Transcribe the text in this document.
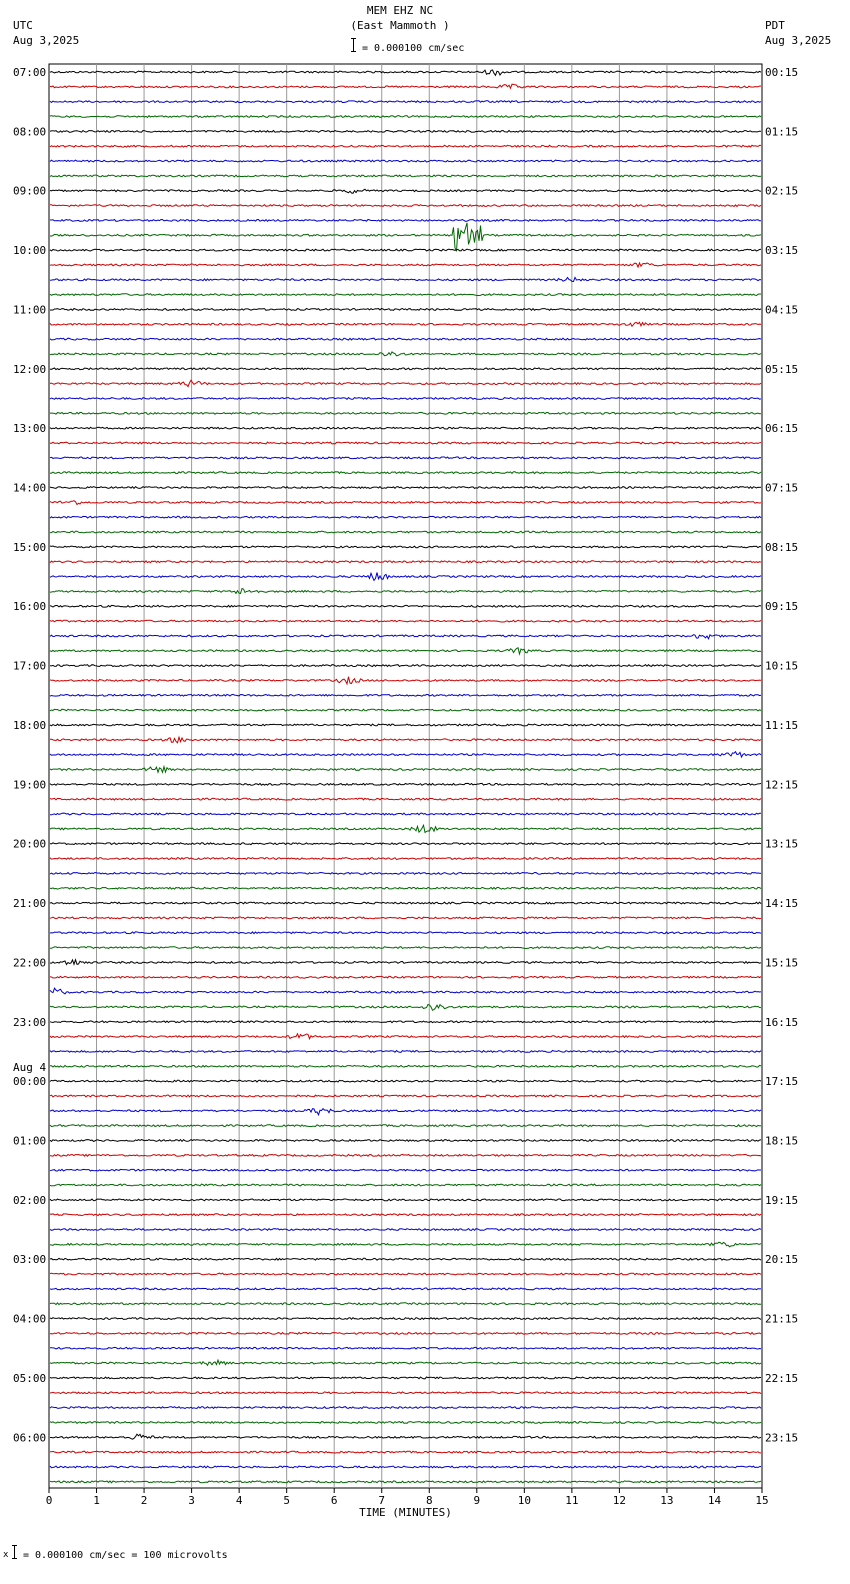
MEM EHZ NC
(East Mammoth )
UTC
Aug 3,2025
PDT
Aug 3,2025
= 0.000100 cm/sec
07:00
08:00
09:00
10:00
11:00
12:00
13:00
14:00
15:00
16:00
17:00
18:00
19:00
20:00
21:00
22:00
23:00
00:00
01:00
02:00
03:00
04:00
05:00
06:00
00:15
01:15
02:15
03:15
04:15
05:15
06:15
07:15
08:15
09:15
10:15
11:15
12:15
13:15
14:15
15:15
16:15
17:15
18:15
19:15
20:15
21:15
22:15
23:15
Aug 4
0	1	2	3	4	5	6	7	8	9	10	11	12	13	14	15
TIME (MINUTES)
x = 0.000100 cm/sec = 100 microvolts
